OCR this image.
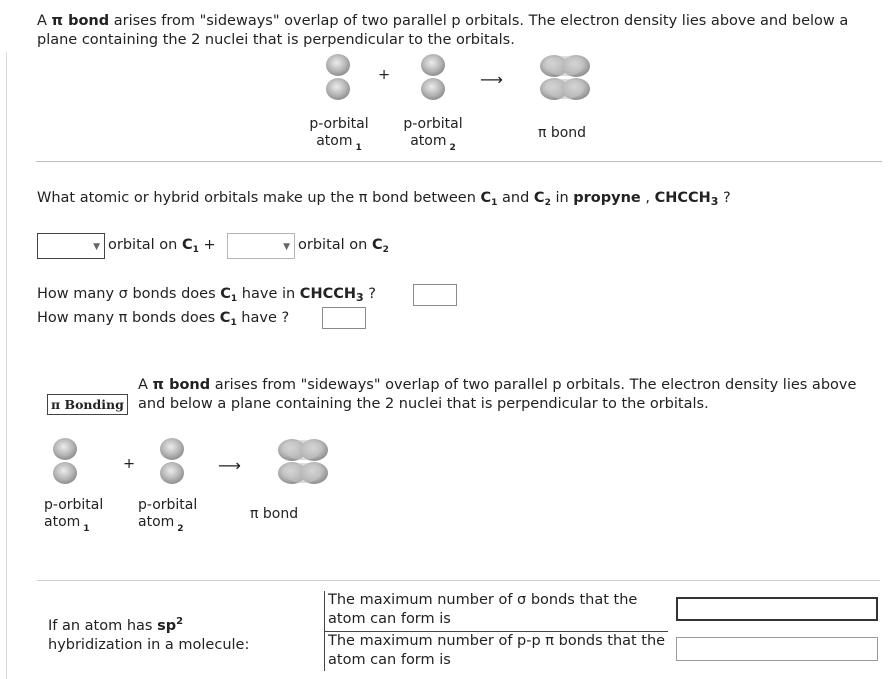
A π bond arises from "sideways" overlap of two parallel p orbitals. The electron density lies above and below a plane containing the 2 nuclei that is perpendicular to the orbitals.
+	⟶
p-orbital
atom $_1$
p-orbital
atom $_2$
π bond
What atomic or hybrid orbitals make up the π bond between $C_1$ and $C_2$ in propyne , $CHCCH_3$ ?
▼ orbital on $C_1$ +	▼ orbital on $C_2$
How many σ bonds does $C_1$ have in $CHCCH_3$ ?
How many π bonds does $C_1$ have ?
π Bonding
A π bond arises from "sideways" overlap of two parallel p orbitals. The electron density lies above and below a plane containing the 2 nuclei that is perpendicular to the orbitals.
+	⟶
p-orbital
atom $_1$
p-orbital
atom $_2$
π bond
If an atom has $sp^2$
hybridization in a molecule:
The maximum number of σ bonds that the atom can form is
The maximum number of p-p π bonds that the atom can form is
